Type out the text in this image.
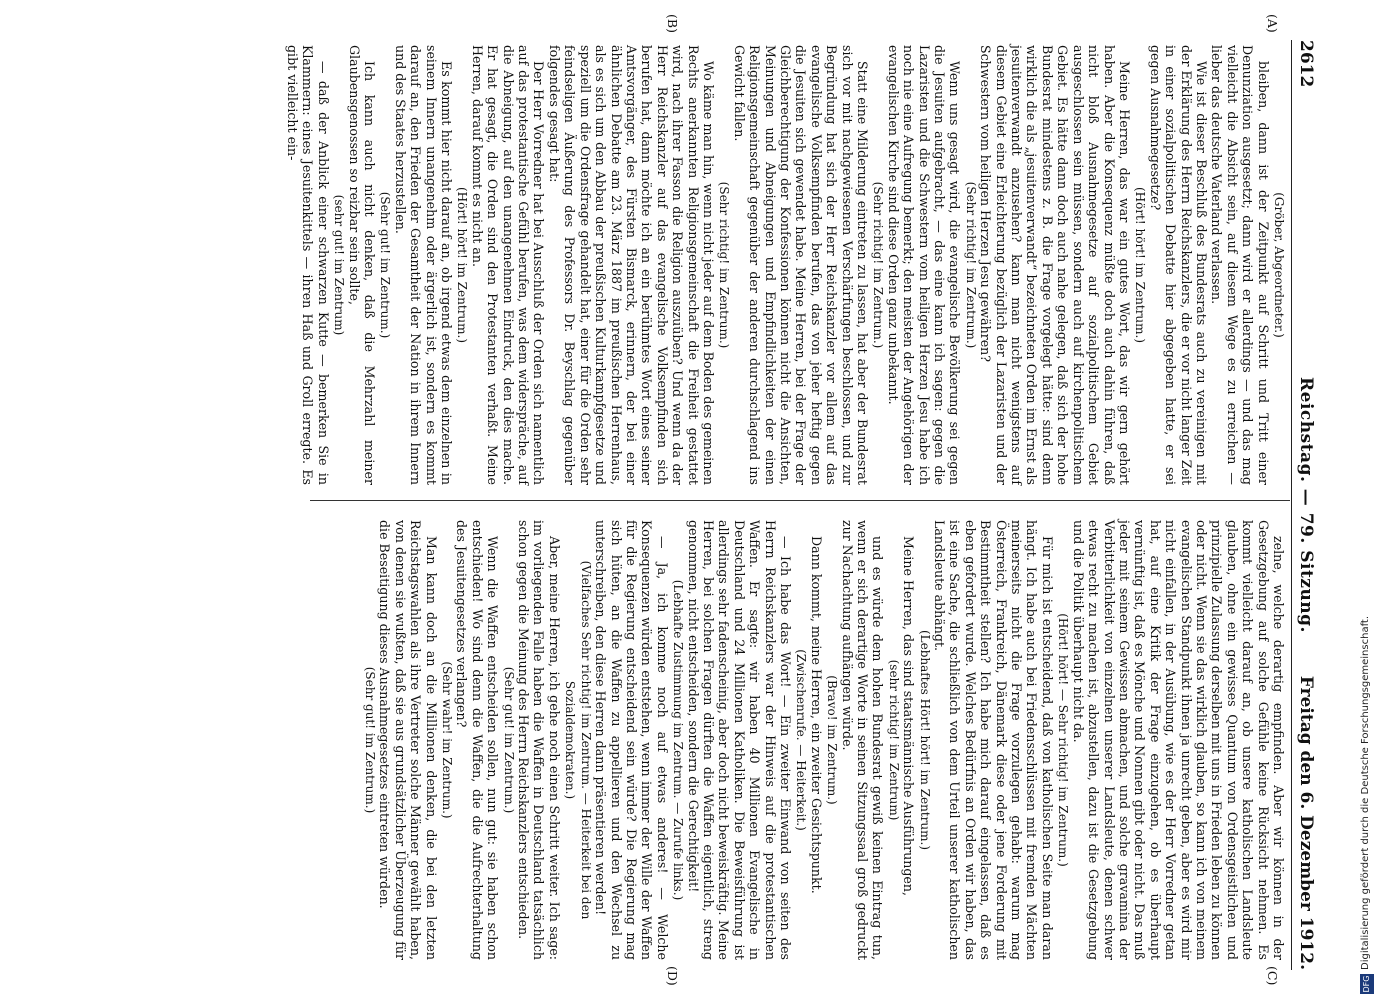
2612
Reichstag. — 79. Sitzung.
Freitag den 6. Dezember 1912.
(A)
(B)
(C)
(D)

(Gröber, Abgeordneter.)

bleiben, dann ist der Zeitpunkt auf Schritt und Tritt einer Denunziation ausgesetzt; dann wird er allerdings — und das mag vielleicht die Absicht sein, auf diesem Wege es zu erreichen — lieber das deutsche Vaterland verlassen.

Wie ist dieser Beschluß des Bundesrats auch zu vereinigen mit der Erklärung des Herrn Reichskanzlers, die er vor nicht langer Zeit in einer sozialpolitischen Debatte hier abgegeben hatte, er sei gegen Ausnahmegesetze?

(Hört! hört! im Zentrum.)

Meine Herren, das war ein gutes Wort, das wir gern gehört haben. Aber die Konsequenz müßte doch auch dahin führen, daß nicht bloß Ausnahmegesetze auf sozialpolitischem Gebiet ausgeschlossen sein müssen, sondern auch auf kirchenpolitischem Gebiet. Es hätte dann doch auch nahe gelegen, daß sich der hohe Bundesrat mindestens z. B. die Frage vorgelegt hätte: sind denn wirklich die als „jesuitenverwandt“ bezeichneten Orden im Ernst als jesuitenverwandt anzusehen? kann man nicht wenigstens auf diesem Gebiet eine Erleichterung bezüglich der Lazaristen und der Schwestern vom heiligen Herzen Jesu gewähren?

(Sehr richtig! im Zentrum.)

Wenn uns gesagt wird, die evangelische Bevölkerung sei gegen die Jesuiten aufgebracht, — das eine kann ich sagen: gegen die Lazaristen und die Schwestern vom heiligen Herzen Jesu habe ich noch nie eine Aufregung bemerkt; den meisten der Angehörigen der evangelischen Kirche sind diese Orden ganz unbekannt.

(Sehr richtig! im Zentrum.)

Statt eine Milderung eintreten zu lassen, hat aber der Bundesrat sich vor mit nachgewiesenen Verschärfungen beschlossen, und zur Begründung hat sich der Herr Reichskanzler vor allem auf das evangelische Volksempfinden berufen, das von jeher heftig gegen die Jesuiten sich gewendet habe. Meine Herren, bei der Frage der Gleichberechtigung der Konfessionen können nicht die Ansichten, Meinungen und Abneigungen und Empfindlichkeiten der einen Religionsgemeinschaft gegenüber der anderen durchschlagend ins Gewicht fallen.

(Sehr richtig! im Zentrum.)

Wo käme man hin, wenn nicht jeder auf dem Boden des gemeinen Rechts anerkannten Religionsgemeinschaft die Freiheit gestattet wird, nach ihrer Fasson die Religion auszuüben? Und wenn da der Herr Reichskanzler auf das evangelische Volksempfinden sich berufen hat, dann möchte ich an ein berühmtes Wort eines seiner Amtsvorgänger, des Fürsten Bismarck, erinnern, der bei einer ähnlichen Debatte am 23. März 1887 im preußischen Herrenhaus, als es sich um den Abbau der preußischen Kulturkampfgesetze und speziell um die Ordensfrage gehandelt hat, einer für die Orden sehr feindseligen Äußerung des Professors Dr. Beyschlag gegenüber folgendes gesagt hat:

Der Herr Vorredner hat bei Ausschluß der Orden sich namentlich auf das protestantische Gefühl berufen, was dem widerspräche, auf die Abneigung, auf den unangenehmen Eindruck, den dies mache. Er hat gesagt, die Orden sind den Protestanten verhaßt. Meine Herren, darauf kommt es nicht an.

(Hört! hört! im Zentrum.)

Es kommt hier nicht darauf an, ob irgend etwas dem einzelnen in seinem Innern unangenehm oder ärgerlich ist, sondern es kommt darauf an, den Frieden der Gesamtheit der Nation in ihrem Innern und des Staates herzustellen.

(Sehr gut! im Zentrum.)

Ich kann auch nicht denken, daß die Mehrzahl meiner Glaubensgenossen so reizbar sein sollte,

(sehr gut! im Zentrum)

— daß der Anblick einer schwarzen Kutte — bemerken Sie in Klammern: eines Jesuitenkittels — ihren Haß und Groll erregte. Es gibt vielleicht ein-

zelne, welche derartig empfinden. Aber wir können in der Gesetzgebung auf solche Gefühle keine Rücksicht nehmen. Es kommt vielleicht darauf an, ob unsere katholischen Landsleute glauben, ohne ein gewisses Quantum von Ordensgeistlichen und prinzipielle Zulassung derselben mit uns in Frieden leben zu können oder nicht. Wenn sie das wirklich glauben, so kann ich von meinem evangelischen Standpunkt ihnen ja unrecht geben, aber es wird mir nicht einfallen, in der Ausübung, wie es der Herr Vorredner getan hat, auf eine Kritik der Frage einzugehen, ob es überhaupt vernünftig ist, daß es Mönche und Nonnen gibt oder nicht. Das muß jeder mit seinem Gewissen abmachen, und solche gravamina der Verbitterlichkeit von einzelnen unserer Landsleute, denen schwer etwas recht zu machen ist, abzustellen, dazu ist die Gesetzgebung und die Politik überhaupt nicht da.

(Hört! hört! — Sehr richtig! im Zentrum.)

Für mich ist entscheidend, daß von katholischen Seite man daran hängt. Ich habe auch bei Friedensschlüssen mit fremden Mächten meinerseits nicht die Frage vorzulegen gehabt: warum mag Österreich, Frankreich, Dänemark diese oder jene Forderung mit Bestimmtheit stellen? Ich habe mich darauf eingelassen, daß es eben gefordert wurde. Welches Bedürfnis an Orden wir haben, das ist eine Sache, die schließlich von dem Urteil unserer katholischen Landsleute abhängt.

(Lebhaftes Hört! hört! im Zentrum.)

Meine Herren, das sind staatsmännische Ausführungen,

(sehr richtig! im Zentrum)

und es würde dem hohen Bundesrat gewiß keinen Eintrag tun, wenn er sich derartige Worte in seinen Sitzungssaal groß gedruckt zur Nachachtung aufhängen würde.

(Bravo! im Zentrum.)

Dann kommt, meine Herren, ein zweiter Gesichtspunkt.

(Zwischenrufe. — Heiterkeit.)

— Ich habe das Wort! — Ein zweiter Einwand von seiten des Herrn Reichskanzlers war der Hinweis auf die protestantischen Waffen. Er sagte: wir haben 40 Millionen Evangelische in Deutschland und 24 Millionen Katholiken. Die Beweisführung ist allerdings sehr fadenscheinig, aber doch nicht beweiskräftig. Meine Herren, bei solchen Fragen dürften die Waffen eigentlich, streng genommen, nicht entscheiden, sondern die Gerechtigkeit!

(Lebhafte Zustimmung im Zentrum. — Zurufe links.)

— Ja, ich komme noch auf etwas anderes! — Welche Konsequenzen würden entstehen, wenn immer der Wille der Waffen für die Regierung entscheidend sein würde? Die Regierung mag sich hüten, an die Waffen zu appellieren und den Wechsel zu unterschreiben, den diese Herren dann präsentieren werden!

(Vielfaches Sehr richtig! im Zentrum. — Heiterkeit bei den Sozialdemokraten.)

Aber, meine Herren, ich gehe noch einen Schritt weiter. Ich sage: im vorliegenden Falle haben die Waffen in Deutschland tatsächlich schon gegen die Meinung des Herrn Reichskanzlers entschieden.

(Sehr gut! im Zentrum.)

Wenn die Waffen entscheiden sollen, nun gut: sie haben schon entschieden! Wo sind denn die Waffen, die die Aufrechterhaltung des Jesuitengesetzes verlangen?

(Sehr wahr! im Zentrum.)

Man kann doch an die Millionen denken, die bei den letzten Reichstagswahlen als ihre Vertreter solche Männer gewählt haben, von denen sie wußten, daß sie aus grundsätzlicher Überzeugung für die Beseitigung dieses Ausnahmegesetzes eintreten würden.

(Sehr gut! im Zentrum.)

DFG
Digitalisierung gefördert durch die Deutsche Forschungsgemeinschaft.
